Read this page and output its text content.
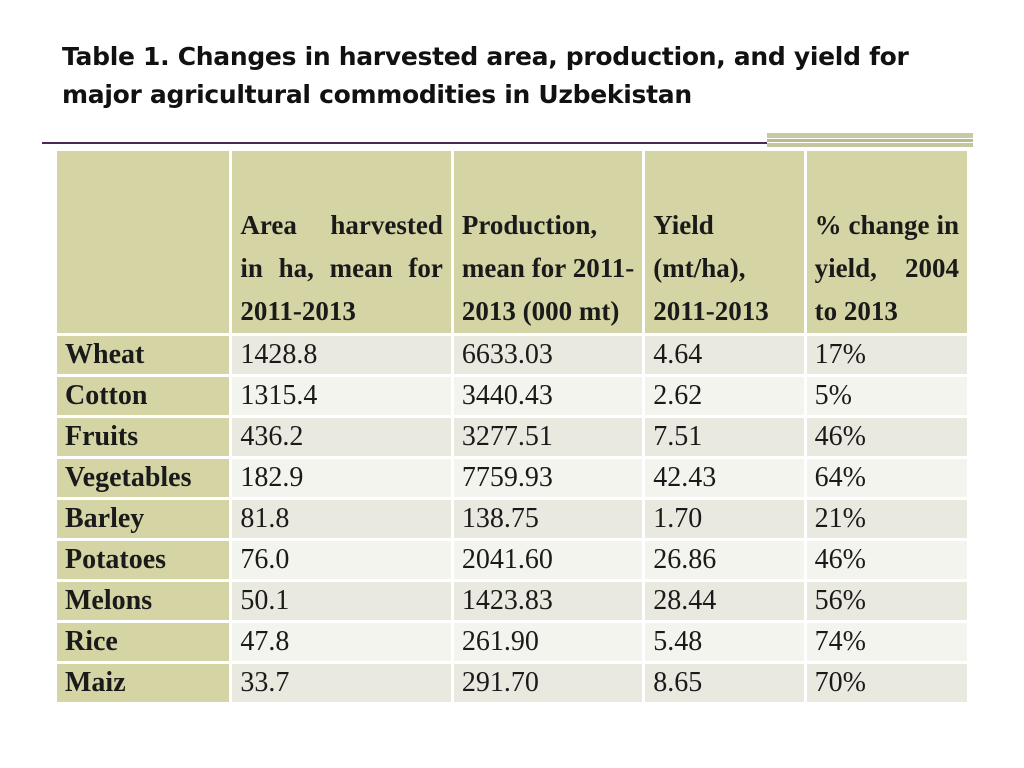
Table 1. Changes in harvested area, production, and yield for major agricultural commodities in Uzbekistan
	Area harvested in ha, mean for 2011-2013	Production, mean for 2011-2013 (000 mt)	Yield (mt/ha), 2011-2013	% change in yield, 2004 to 2013
Wheat	1428.8	6633.03	4.64	17%
Cotton	1315.4	3440.43	2.62	5%
Fruits	436.2	3277.51	7.51	46%
Vegetables	182.9	7759.93	42.43	64%
Barley	81.8	138.75	1.70	21%
Potatoes	76.0	2041.60	26.86	46%
Melons	50.1	1423.83	28.44	56%
Rice	47.8	261.90	5.48	74%
Maiz	33.7	291.70	8.65	70%
